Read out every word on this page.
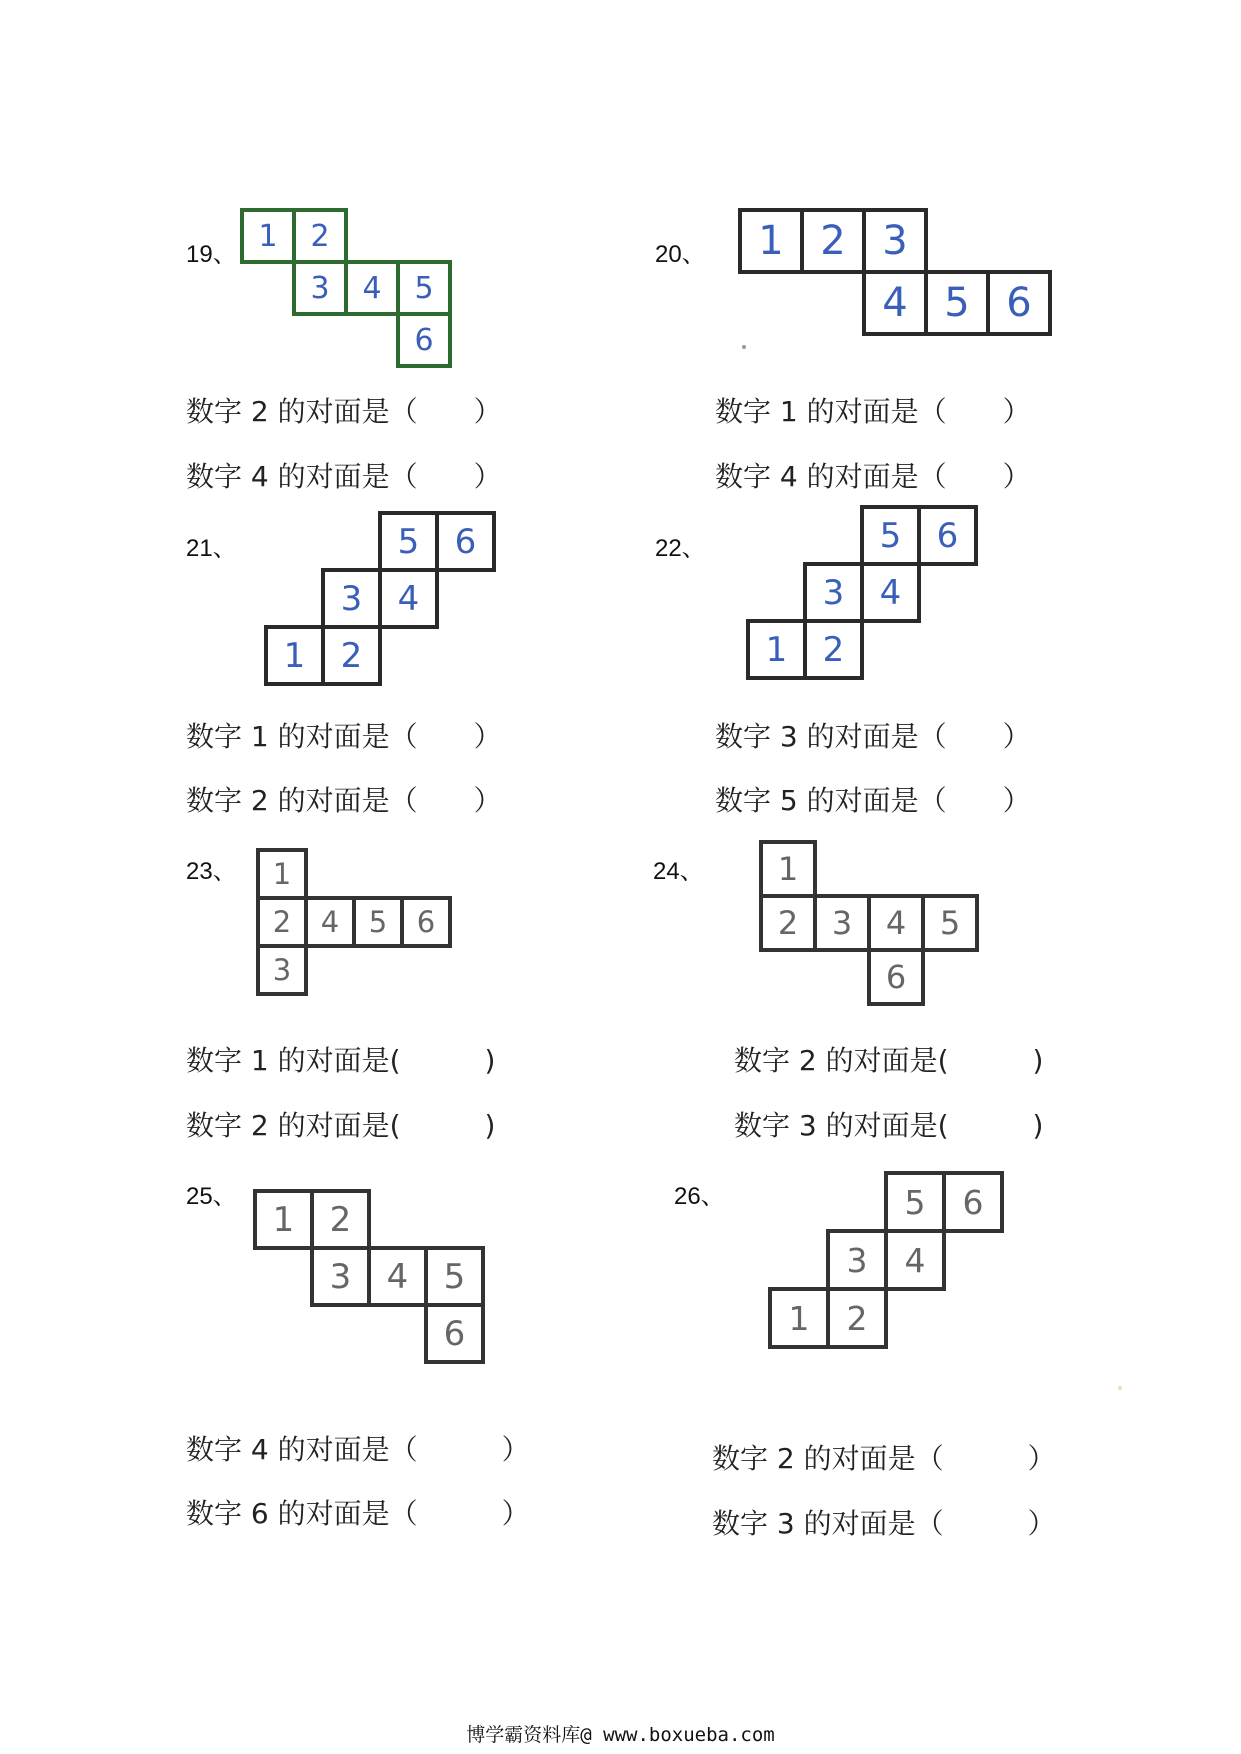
19、	20、
21、	22、
23、	24、
25、	26、
1	2
3	4	5
6
1 2 3
4 5 6
5	6
3	4
1	2
5	6
3	4
1	2
1
2	4	5	6
3
1
2	3	4	5
6
1	2
3	4	5
6
5	6
3	4
1	2
数字 2 的对面是（　　）
数字 4 的对面是（　　）
数字 1 的对面是（　　）
数字 4 的对面是（　　）
数字 1 的对面是（　　）
数字 2 的对面是（　　）
数字 3 的对面是（　　）
数字 5 的对面是（　　）
数字 1 的对面是(　　　)
数字 2 的对面是(　　　)
数字 2 的对面是(　　　)
数字 3 的对面是(　　　)
数字 4 的对面是（　　　）
数字 6 的对面是（　　　）
数字 2 的对面是（　　　）
数字 3 的对面是（　　　）
博学霸资料库@ www.boxueba.com
